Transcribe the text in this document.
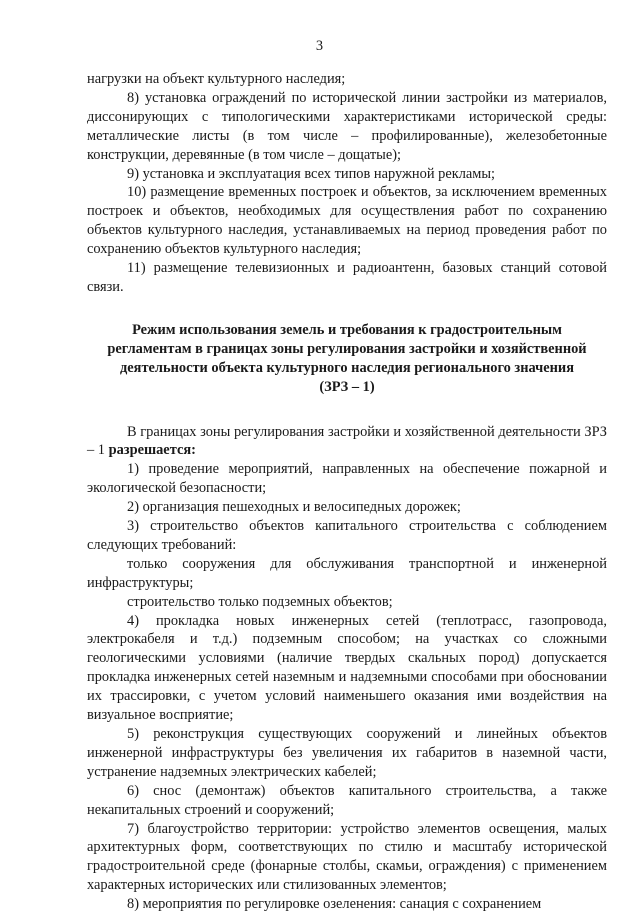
3

нагрузки на объект культурного наследия;

8) установка ограждений по исторической линии застройки из материалов, диссонирующих с типологическими характеристиками исторической среды: металлические листы (в том числе – профилированные), железобетонные конструкции, деревянные (в том числе – дощатые);

9) установка и эксплуатация всех типов наружной рекламы;

10) размещение временных построек и объектов, за исключением временных построек и объектов, необходимых для осуществления работ по сохранению объектов культурного наследия, устанавливаемых на период проведения работ по сохранению объектов культурного наследия;

11) размещение телевизионных и радиоантенн, базовых станций сотовой связи.

Режим использования земель и требования к градостроительным
регламентам в границах зоны регулирования застройки и хозяйственной
деятельности объекта культурного наследия регионального значения
(ЗРЗ – 1)

В границах зоны регулирования застройки и хозяйственной деятельности ЗРЗ – 1 разрешается:

1) проведение мероприятий, направленных на обеспечение пожарной и экологической безопасности;

2) организация пешеходных и велосипедных дорожек;

3) строительство объектов капитального строительства с соблюдением следующих требований:

только сооружения для обслуживания транспортной и инженерной инфраструктуры;

строительство только подземных объектов;

4) прокладка новых инженерных сетей (теплотрасс, газопровода, электрокабеля и т.д.) подземным способом; на участках со сложными геологическими условиями (наличие твердых скальных пород) допускается прокладка инженерных сетей наземным и надземными способами при обосновании их трассировки, с учетом условий наименьшего оказания ими воздействия на визуальное восприятие;

5) реконструкция существующих сооружений и линейных объектов инженерной инфраструктуры без увеличения их габаритов в наземной части, устранение надземных электрических кабелей;

6) снос (демонтаж) объектов капитального строительства, а также некапитальных строений и сооружений;

7) благоустройство территории: устройство элементов освещения, малых архитектурных форм, соответствующих по стилю и масштабу исторической градостроительной среде (фонарные столбы, скамьи, ограждения) с применением характерных исторических или стилизованных элементов;

8) мероприятия по регулировке озеленения: санация с сохранением
